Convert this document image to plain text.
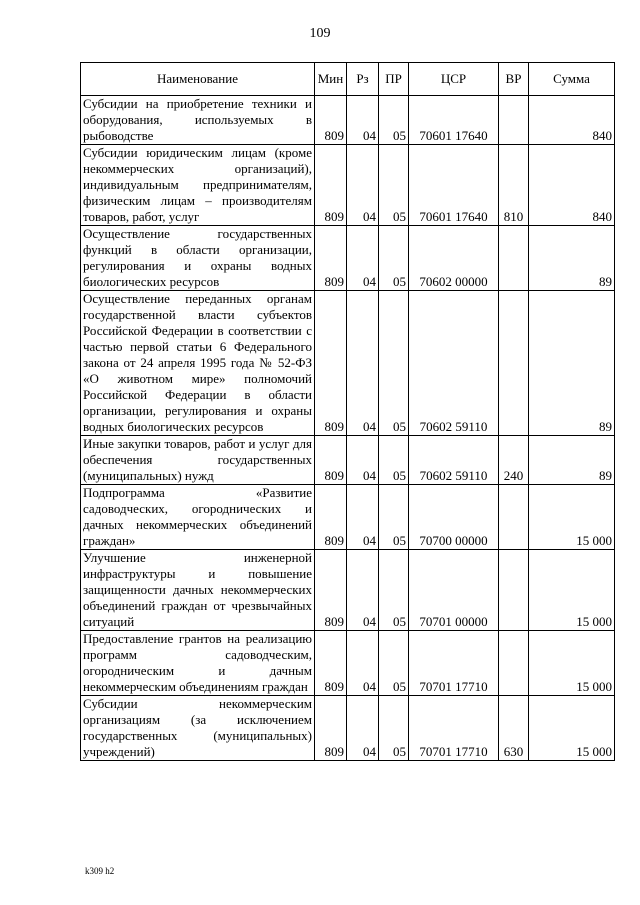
109
Наименование	Мин	Рз	ПР	ЦСР	ВР	Сумма
Субсидии на приобретение техники и оборудования, используемых в рыбоводстве	809	04	05	70601 17640		840
Субсидии юридическим лицам (кроме некоммерческих организаций), индивидуальным предпринимателям, физическим лицам – производителям товаров, работ, услуг	809	04	05	70601 17640	810	840
Осуществление государственных функций в области организации, регулирования и охраны водных биологических ресурсов	809	04	05	70602 00000		89
Осуществление переданных органам государственной власти субъектов Российской Федерации в соответствии с частью первой статьи 6 Федерального закона от 24 апреля 1995 года № 52-ФЗ «О животном мире» полномочий Российской Федерации в области организации, регулирования и охраны водных биологических ресурсов	809	04	05	70602 59110		89
Иные закупки товаров, работ и услуг для обеспечения государственных (муниципальных) нужд	809	04	05	70602 59110	240	89
Подпрограмма «Развитие садоводческих, огороднических и дачных некоммерческих объединений граждан»	809	04	05	70700 00000		15 000
Улучшение инженерной инфраструктуры и повышение защищенности дачных некоммерческих объединений граждан от чрезвычайных ситуаций	809	04	05	70701 00000		15 000
Предоставление грантов на реализацию программ садоводческим, огородническим и дачным некоммерческим объединениям граждан	809	04	05	70701 17710		15 000
Субсидии некоммерческим организациям (за исключением государственных (муниципальных) учреждений)	809	04	05	70701 17710	630	15 000
k309 h2
